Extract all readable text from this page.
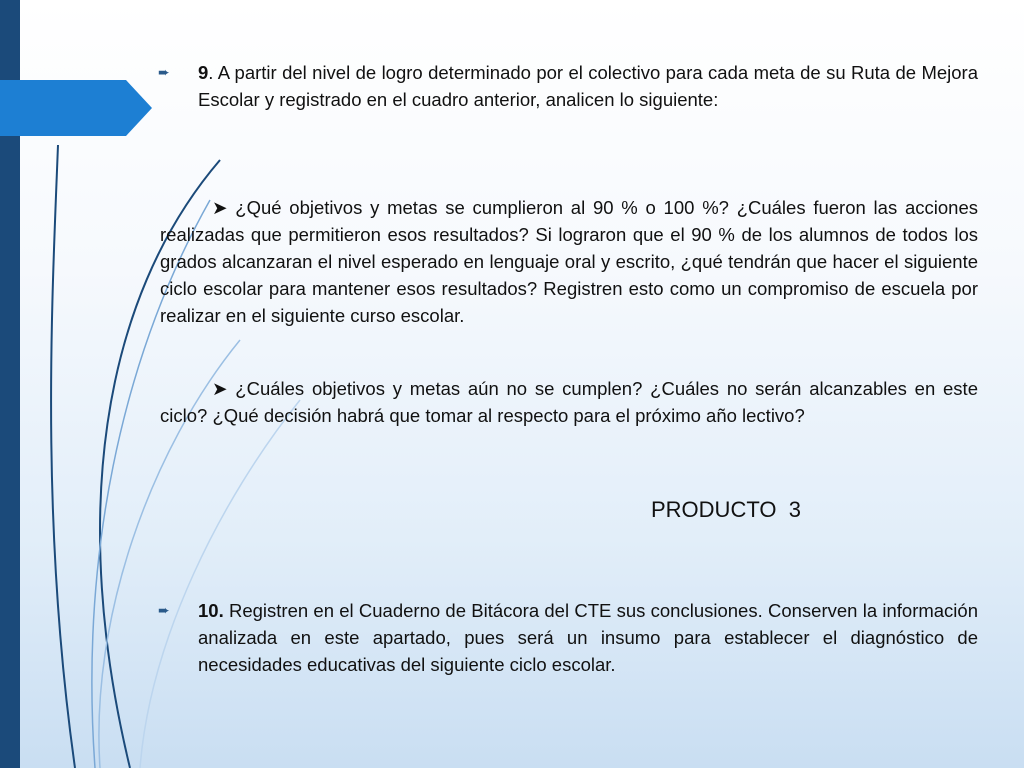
➨ 9. A partir del nivel de logro determinado por el colectivo para cada meta de su Ruta de Mejora Escolar y registrado en el cuadro anterior, analicen lo siguiente:
➤ ¿Qué objetivos y metas se cumplieron al 90 % o 100 %? ¿Cuáles fueron las acciones realizadas que permitieron esos resultados? Si lograron que el 90 % de los alumnos de todos los grados alcanzaran el nivel esperado en lenguaje oral y escrito, ¿qué tendrán que hacer el siguiente ciclo escolar para mantener esos resultados? Registren esto como un compromiso de escuela por realizar en el siguiente curso escolar.
➤ ¿Cuáles objetivos y metas aún no se cumplen? ¿Cuáles no serán alcanzables en este ciclo? ¿Qué decisión habrá que tomar al respecto para el próximo año lectivo?
PRODUCTO  3
➨ 10. Registren en el Cuaderno de Bitácora del CTE sus conclusiones. Conserven la información analizada en este apartado, pues será un insumo para establecer el diagnóstico de necesidades educativas del siguiente ciclo escolar.
